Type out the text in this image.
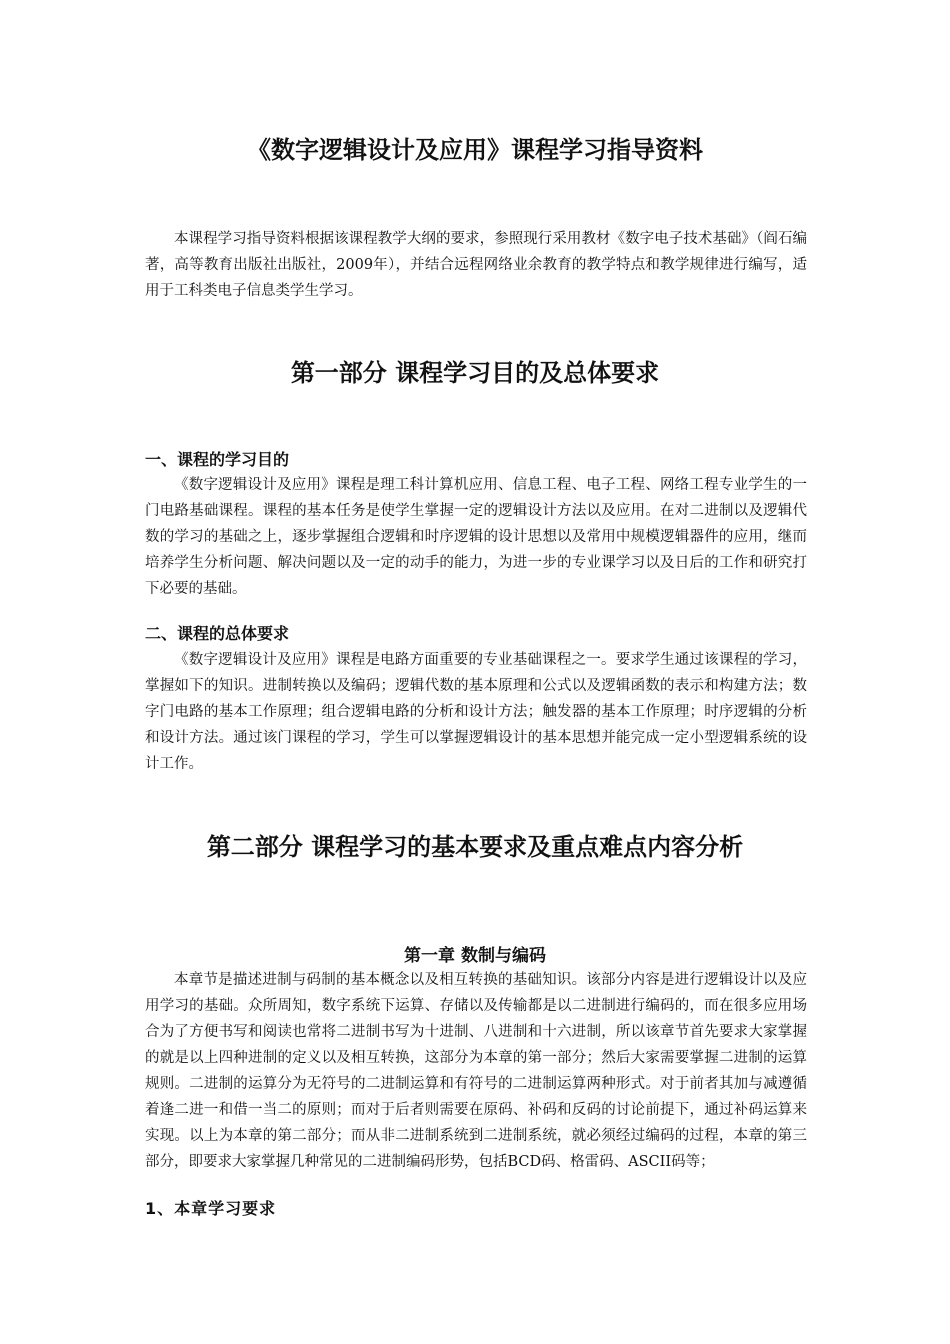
《数字逻辑设计及应用》课程学习指导资料

本课程学习指导资料根据该课程教学大纲的要求，参照现行采用教材《数字电子技术基础》（阎石编著，高等教育出版社出版社，2009年），并结合远程网络业余教育的教学特点和教学规律进行编写，适用于工科类电子信息类学生学习。

第一部分 课程学习目的及总体要求
一、课程的学习目的

《数字逻辑设计及应用》课程是理工科计算机应用、信息工程、电子工程、网络工程专业学生的一门电路基础课程。课程的基本任务是使学生掌握一定的逻辑设计方法以及应用。在对二进制以及逻辑代数的学习的基础之上，逐步掌握组合逻辑和时序逻辑的设计思想以及常用中规模逻辑器件的应用，继而培养学生分析问题、解决问题以及一定的动手的能力，为进一步的专业课学习以及日后的工作和研究打下必要的基础。

二、课程的总体要求

《数字逻辑设计及应用》课程是电路方面重要的专业基础课程之一。要求学生通过该课程的学习，掌握如下的知识。进制转换以及编码；逻辑代数的基本原理和公式以及逻辑函数的表示和构建方法；数字门电路的基本工作原理；组合逻辑电路的分析和设计方法；触发器的基本工作原理；时序逻辑的分析和设计方法。通过该门课程的学习，学生可以掌握逻辑设计的基本思想并能完成一定小型逻辑系统的设计工作。

第二部分 课程学习的基本要求及重点难点内容分析
第一章 数制与编码

本章节是描述进制与码制的基本概念以及相互转换的基础知识。该部分内容是进行逻辑设计以及应用学习的基础。众所周知，数字系统下运算、存储以及传输都是以二进制进行编码的，而在很多应用场合为了方便书写和阅读也常将二进制书写为十进制、八进制和十六进制，所以该章节首先要求大家掌握的就是以上四种进制的定义以及相互转换，这部分为本章的第一部分；然后大家需要掌握二进制的运算规则。二进制的运算分为无符号的二进制运算和有符号的二进制运算两种形式。对于前者其加与减遵循着逢二进一和借一当二的原则；而对于后者则需要在原码、补码和反码的讨论前提下，通过补码运算来实现。以上为本章的第二部分；而从非二进制系统到二进制系统，就必须经过编码的过程，本章的第三部分，即要求大家掌握几种常见的二进制编码形势，包括BCD码、格雷码、ASCII码等；

1、本章学习要求
